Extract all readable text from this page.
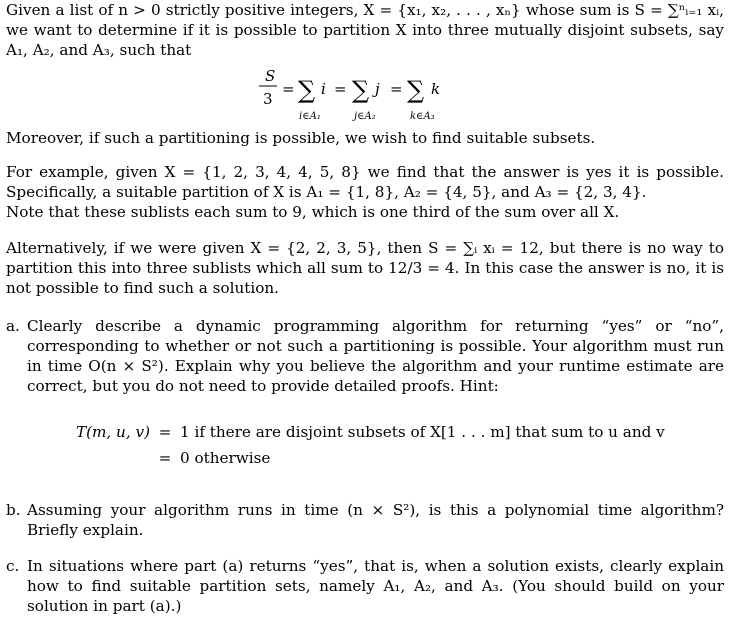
Given a list of n > 0 strictly positive integers, X = {x₁, x₂, . . . , xₙ} whose sum is S = ∑ⁿᵢ₌₁ xᵢ, we want to determine if it is possible to partition X into three mutually disjoint subsets, say A₁, A₂, and A₃, such that

S
3
= ∑ i
i∈A₁
= ∑ j
j∈A₂
= ∑ k
k∈A₃

Moreover, if such a partitioning is possible, we wish to find suitable subsets.

For example, given X = {1, 2, 3, 4, 4, 5, 8} we find that the answer is yes it is possible. Specifically, a suitable partition of X is A₁ = {1, 8}, A₂ = {4, 5}, and A₃ = {2, 3, 4}.

Note that these sublists each sum to 9, which is one third of the sum over all X.

Alternatively, if we were given X = {2, 2, 3, 5}, then S = ∑ᵢ xᵢ = 12, but there is no way to partition this into three sublists which all sum to 12/3 = 4. In this case the answer is no, it is not possible to find such a solution.

a. Clearly describe a dynamic programming algorithm for returning “yes” or “no”, corresponding to whether or not such a partitioning is possible. Your algorithm must run in time O(n × S²). Explain why you believe the algorithm and your runtime estimate are correct, but you do not need to provide detailed proofs. Hint:

T(m, u, v) = 1 if there are disjoint subsets of X[1 . . . m] that sum to u and v
= 0 otherwise
b. Assuming your algorithm runs in time (n × S²), is this a polynomial time algorithm? Briefly explain.

c. In situations where part (a) returns “yes”, that is, when a solution exists, clearly explain how to find suitable partition sets, namely A₁, A₂, and A₃. (You should build on your solution in part (a).)
